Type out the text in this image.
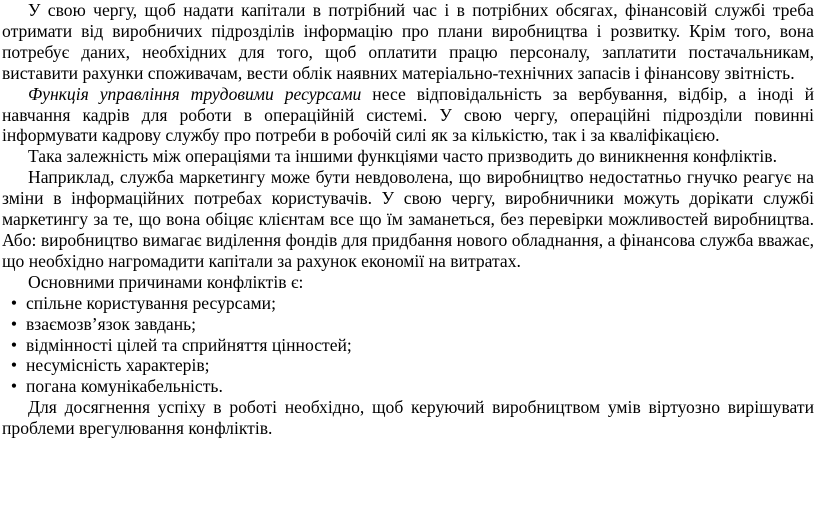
У свою чергу, щоб надати капітали в потрібний час і в потрібних обсягах, фінансовій службі треба отримати від виробничих підрозділів інформацію про плани виробництва і розвитку. Крім того, вона потребує даних, необхідних для того, щоб оплатити працю персоналу, заплатити постачальникам, виставити рахунки споживачам, вести облік наявних матеріально-технічних запасів і фінансову звітність.

Функція управління трудовими ресурсами несе відповідальність за вербування, відбір, а іноді й навчання кадрів для роботи в операційній системі. У свою чергу, операційні підрозділи повинні інформувати кадрову службу про потреби в робочій силі як за кількістю, так і за кваліфікацією.

Така залежність між операціями та іншими функціями часто призводить до виникнення конфліктів.

Наприклад, служба маркетингу може бути невдоволена, що виробництво недостатньо гнучко реагує на зміни в інформаційних потребах користувачів. У свою чергу, виробничники можуть дорікати службі маркетингу за те, що вона обіцяє клієнтам все що їм заманеться, без перевірки можливостей виробництва. Або: виробництво вимагає виділення фондів для придбання нового обладнання, а фінансова служба вважає, що необхідно нагромадити капітали за рахунок економії на витратах.

Основними причинами конфліктів є:

• спільне користування ресурсами;
• взаємозв’язок завдань;
• відмінності цілей та сприйняття цінностей;
• несумісність характерів;
• погана комунікабельність.

Для досягнення успіху в роботі необхідно, щоб керуючий виробництвом умів віртуозно вирішувати проблеми врегулювання конфліктів.
